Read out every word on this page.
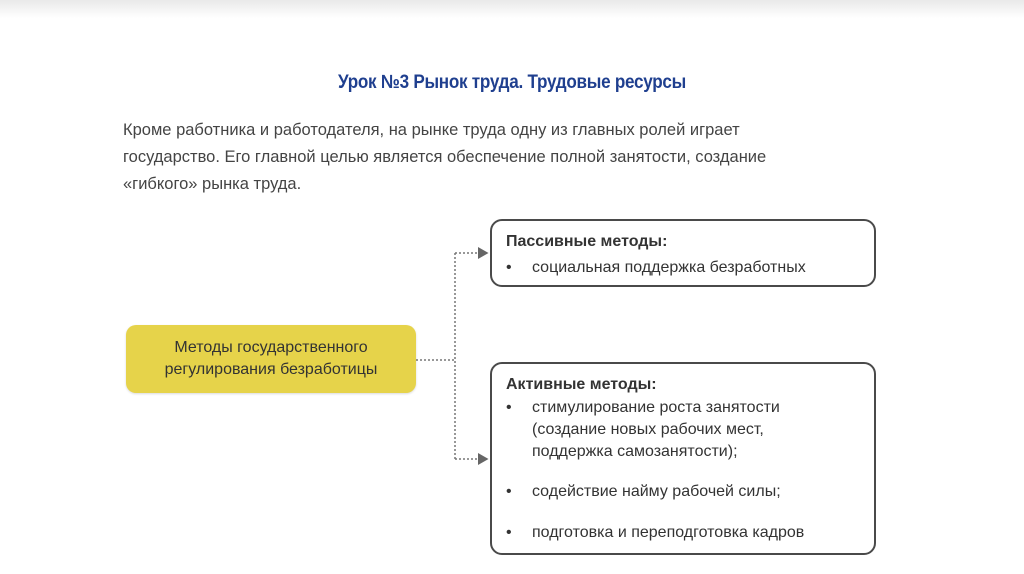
Урок №3 Рынок труда. Трудовые ресурсы
Кроме работника и работодателя, на рынке труда одну из главных ролей играет
государство. Его главной целью является обеспечение полной занятости, создание
«гибкого» рынка труда.
Методы государственного регулирования безработицы
Пассивные методы:
• социальная поддержка безработных
Активные методы:
• стимулирование роста занятости (создание новых рабочих мест, поддержка самозанятости);
• содействие найму рабочей силы;
• подготовка и переподготовка кадров
